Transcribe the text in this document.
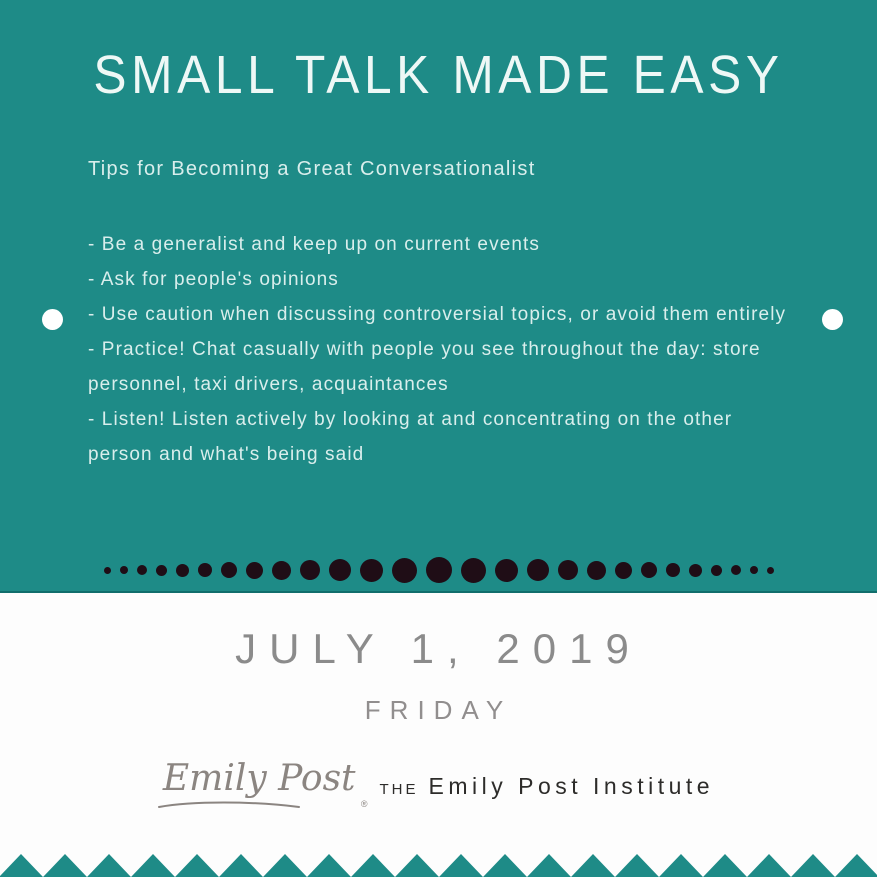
SMALL TALK MADE EASY
Tips for Becoming a Great Conversationalist

- Be a generalist and keep up on current events

- Ask for people's opinions

- Use caution when discussing controversial topics, or avoid them entirely

- Practice! Chat casually with people you see throughout the day: store personnel, taxi drivers, acquaintances

- Listen! Listen actively by looking at and concentrating on the other person and what's being said

JULY 1, 2019
FRIDAY
Emily Post
®
THE Emily Post Institute
